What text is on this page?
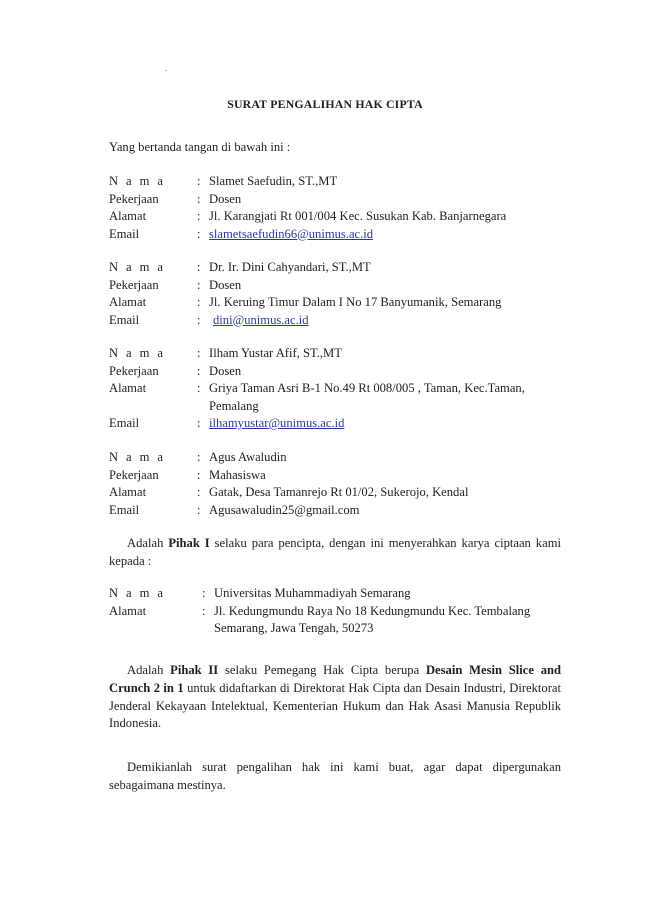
SURAT PENGALIHAN HAK CIPTA
Yang bertanda tangan di bawah ini :
N a m a	: Slamet Saefudin, ST.,MT
Pekerjaan	: Dosen
Alamat	: Jl. Karangjati Rt 001/004 Kec. Susukan Kab. Banjarnegara
Email	: slametsaefudin66@unimus.ac.id
N a m a	: Dr. Ir. Dini Cahyandari, ST.,MT
Pekerjaan	: Dosen
Alamat	: Jl. Keruing Timur Dalam I No 17 Banyumanik, Semarang
Email	: dini@unimus.ac.id
N a m a	: Ilham Yustar Afif, ST.,MT
Pekerjaan	: Dosen
Alamat	: Griya Taman Asri B-1 No.49 Rt 008/005 , Taman, Kec.Taman,
Pemalang
Email	: ilhamyustar@unimus.ac.id
N a m a	: Agus Awaludin
Pekerjaan	: Mahasiswa
Alamat	: Gatak, Desa Tamanrejo Rt 01/02, Sukerojo, Kendal
Email	: Agusawaludin25@gmail.com
Adalah Pihak I selaku para pencipta, dengan ini menyerahkan karya ciptaan kami kepada :
N a m a	: Universitas Muhammadiyah Semarang
Alamat	: Jl. Kedungmundu Raya No 18 Kedungmundu Kec. Tembalang
Semarang, Jawa Tengah, 50273
Adalah Pihak II selaku Pemegang Hak Cipta berupa Desain Mesin Slice and Crunch 2 in 1 untuk didaftarkan di Direktorat Hak Cipta dan Desain Industri, Direktorat Jenderal Kekayaan Intelektual, Kementerian Hukum dan Hak Asasi Manusia Republik Indonesia.
Demikianlah surat pengalihan hak ini kami buat, agar dapat dipergunakan sebagaimana mestinya.
